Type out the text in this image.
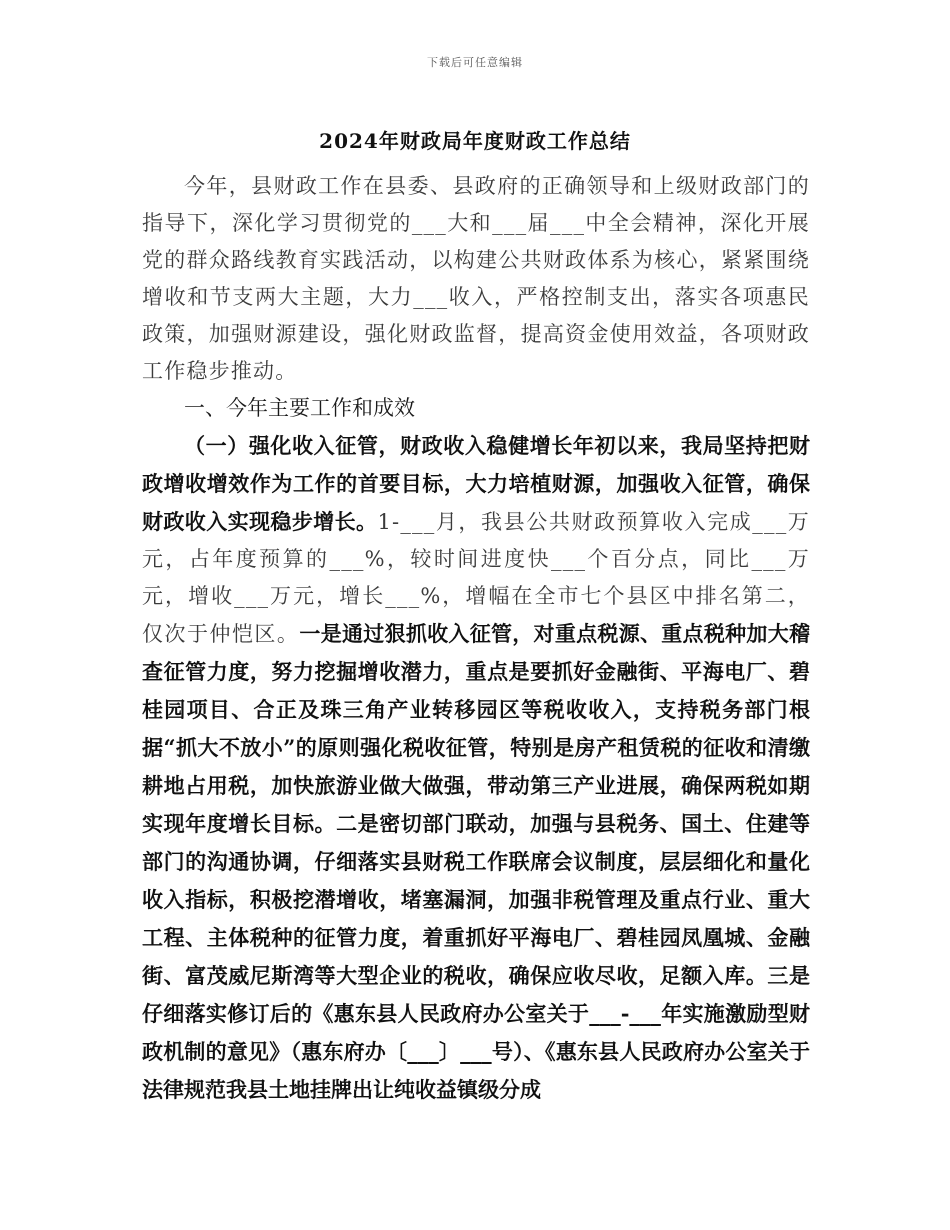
下载后可任意编辑
2024年财政局年度财政工作总结

今年，县财政工作在县委、县政府的正确领导和上级财政部门的指导下，深化学习贯彻党的___大和___届___中全会精神，深化开展党的群众路线教育实践活动，以构建公共财政体系为核心，紧紧围绕增收和节支两大主题，大力___收入，严格控制支出，落实各项惠民政策，加强财源建设，强化财政监督，提高资金使用效益，各项财政工作稳步推动。

一、今年主要工作和成效

（一）强化收入征管，财政收入稳健增长年初以来，我局坚持把财政增收增效作为工作的首要目标，大力培植财源，加强收入征管，确保财政收入实现稳步增长。1-___月，我县公共财政预算收入完成___万元，占年度预算的___%，较时间进度快___个百分点，同比___万元，增收___万元，增长___%，增幅在全市七个县区中排名第二，仅次于仲恺区。一是通过狠抓收入征管，对重点税源、重点税种加大稽查征管力度，努力挖掘增收潜力，重点是要抓好金融街、平海电厂、碧桂园项目、合正及珠三角产业转移园区等税收收入，支持税务部门根据“抓大不放小”的原则强化税收征管，特别是房产租赁税的征收和清缴耕地占用税，加快旅游业做大做强，带动第三产业进展，确保两税如期实现年度增长目标。二是密切部门联动，加强与县税务、国土、住建等部门的沟通协调，仔细落实县财税工作联席会议制度，层层细化和量化收入指标，积极挖潜增收，堵塞漏洞，加强非税管理及重点行业、重大工程、主体税种的征管力度，着重抓好平海电厂、碧桂园凤凰城、金融街、富茂威尼斯湾等大型企业的税收，确保应收尽收，足额入库。三是仔细落实修订后的《惠东县人民政府办公室关于___-___年实施激励型财政机制的意见》（惠东府办〔___〕___号）、《惠东县人民政府办公室关于法律规范我县土地挂牌出让纯收益镇级分成
